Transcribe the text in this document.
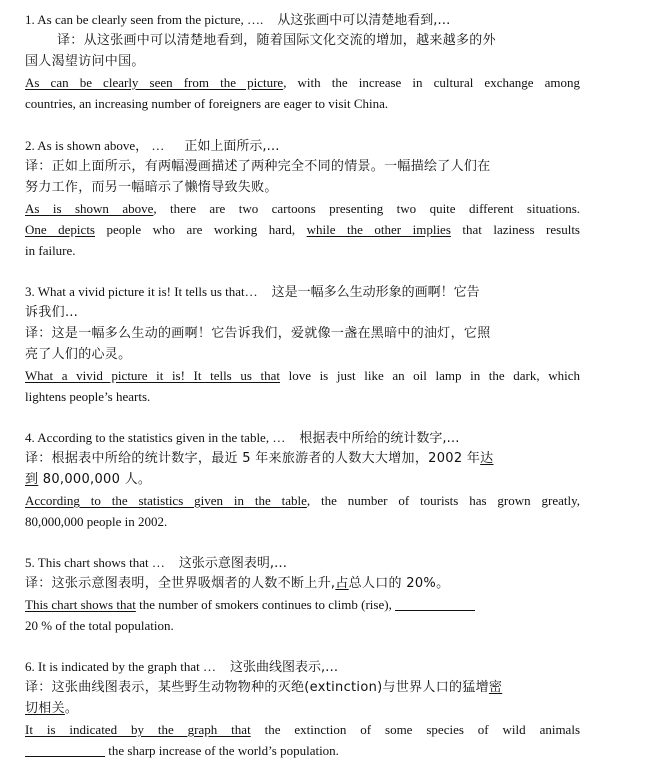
1. As can be clearly seen from the picture, …. 从这张画中可以清楚地看到,…
译：从这张画中可以清楚地看到，随着国际文化交流的增加，越来越多的外
国人渴望访问中国。
As can be clearly seen from the picture, with the increase in cultural exchange among
countries, an increasing number of foreigners are eager to visit China.
2. As is shown above， … 正如上面所示,…
译：正如上面所示，有两幅漫画描述了两种完全不同的情景。一幅描绘了人们在
努力工作，而另一幅暗示了懒惰导致失败。
As is shown above, there are two cartoons presenting two quite different situations.
One depicts people who are working hard, while the other implies that laziness results
in failure.
3. What a vivid picture it is! It tells us that… 这是一幅多么生动形象的画啊！它告
诉我们…
译：这是一幅多么生动的画啊！它告诉我们，爱就像一盏在黑暗中的油灯，它照
亮了人们的心灵。
What a vivid picture it is! It tells us that love is just like an oil lamp in the dark, which
lightens people’s hearts.
4. According to the statistics given in the table, … 根据表中所给的统计数字,…
译：根据表中所给的统计数字，最近 5 年来旅游者的人数大大增加，2002 年达
到 80,000,000 人。
According to the statistics given in the table, the number of tourists has grown greatly,
80,000,000 people in 2002.
5. This chart shows that … 这张示意图表明,…
译：这张示意图表明，全世界吸烟者的人数不断上升,占总人口的 20%。
This chart shows that the number of smokers continues to climb (rise),
20 % of the total population.
6. It is indicated by the graph that … 这张曲线图表示,…
译：这张曲线图表示，某些野生动物物种的灭绝(extinction)与世界人口的猛增密
切相关。
It is indicated by the graph that the extinction of some species of wild animals
the sharp increase of the world’s population.
